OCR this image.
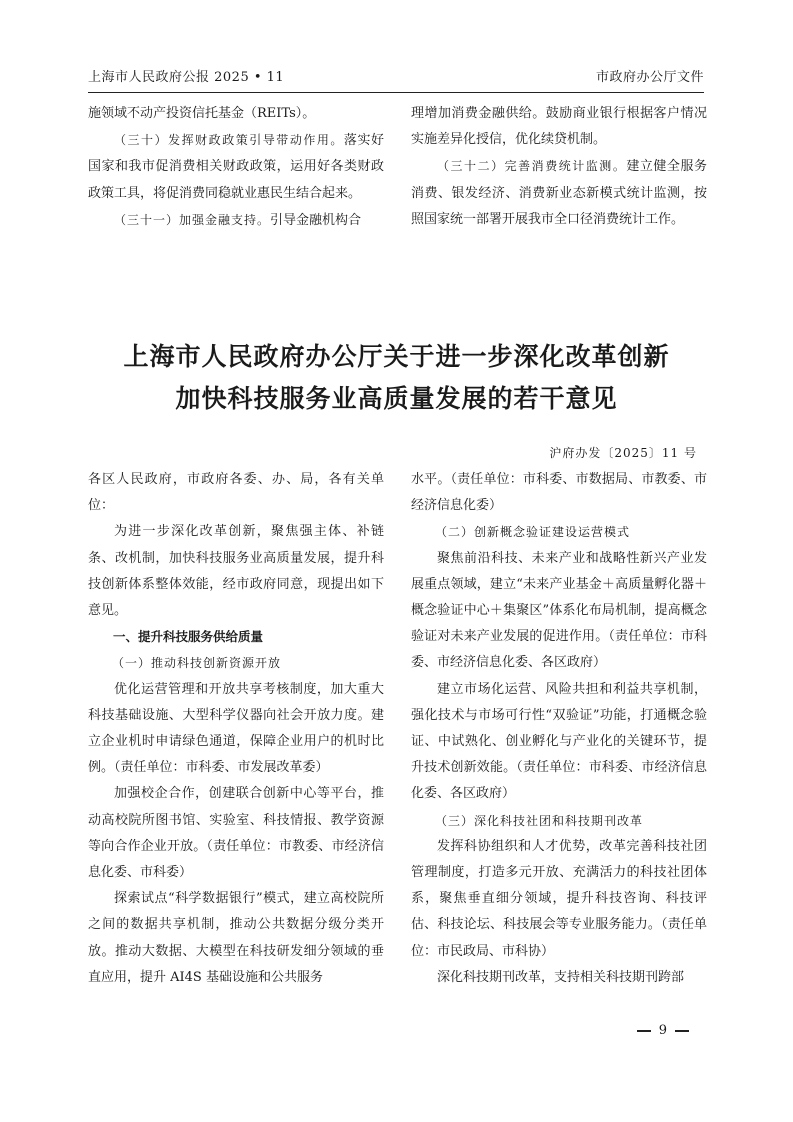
上海市人民政府公报 2025 • 11	市政府办公厅文件

施领域不动产投资信托基金（REITs）。

（三十）发挥财政政策引导带动作用。落实好国家和我市促消费相关财政政策，运用好各类财政政策工具，将促消费同稳就业惠民生结合起来。

（三十一）加强金融支持。引导金融机构合

理增加消费金融供给。鼓励商业银行根据客户情况实施差异化授信，优化续贷机制。

（三十二）完善消费统计监测。建立健全服务消费、银发经济、消费新业态新模式统计监测，按照国家统一部署开展我市全口径消费统计工作。

上海市人民政府办公厅关于进一步深化改革创新
加快科技服务业高质量发展的若干意见
沪府办发〔2025〕11 号

各区人民政府，市政府各委、办、局，各有关单位：

为进一步深化改革创新，聚焦强主体、补链条、改机制，加快科技服务业高质量发展，提升科技创新体系整体效能，经市政府同意，现提出如下意见。

一、提升科技服务供给质量

（一）推动科技创新资源开放

优化运营管理和开放共享考核制度，加大重大科技基础设施、大型科学仪器向社会开放力度。建立企业机时申请绿色通道，保障企业用户的机时比例。（责任单位：市科委、市发展改革委）

加强校企合作，创建联合创新中心等平台，推动高校院所图书馆、实验室、科技情报、教学资源等向合作企业开放。（责任单位：市教委、市经济信息化委、市科委）

探索试点“科学数据银行”模式，建立高校院所之间的数据共享机制，推动公共数据分级分类开放。推动大数据、大模型在科技研发细分领域的垂直应用，提升 AI4S 基础设施和公共服务

水平。（责任单位：市科委、市数据局、市教委、市经济信息化委）

（二）创新概念验证建设运营模式

聚焦前沿科技、未来产业和战略性新兴产业发展重点领域，建立“未来产业基金＋高质量孵化器＋概念验证中心＋集聚区”体系化布局机制，提高概念验证对未来产业发展的促进作用。（责任单位：市科委、市经济信息化委、各区政府）

建立市场化运营、风险共担和利益共享机制，强化技术与市场可行性“双验证”功能，打通概念验证、中试熟化、创业孵化与产业化的关键环节，提升技术创新效能。（责任单位：市科委、市经济信息化委、各区政府）

（三）深化科技社团和科技期刊改革

发挥科协组织和人才优势，改革完善科技社团管理制度，打造多元开放、充满活力的科技社团体系，聚焦垂直细分领域，提升科技咨询、科技评估、科技论坛、科技展会等专业服务能力。（责任单位：市民政局、市科协）

深化科技期刊改革，支持相关科技期刊跨部

9
